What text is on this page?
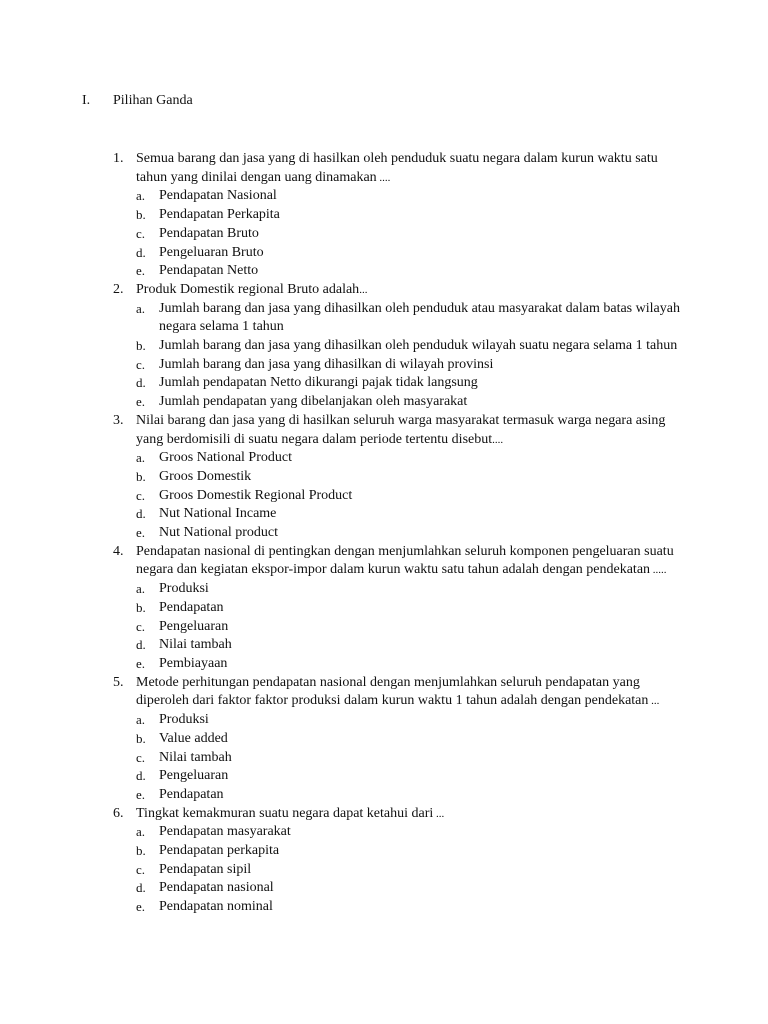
I. Pilihan Ganda
1. Semua barang dan jasa yang di hasilkan oleh penduduk suatu negara dalam kurun waktu satu tahun yang dinilai dengan uang dinamakan ....
a. Pendapatan Nasional
b. Pendapatan Perkapita
c. Pendapatan Bruto
d. Pengeluaran Bruto
e. Pendapatan Netto
2. Produk Domestik regional Bruto adalah...
a. Jumlah barang dan jasa yang dihasilkan oleh penduduk atau masyarakat dalam batas wilayah negara selama 1 tahun
b. Jumlah barang dan jasa yang dihasilkan oleh penduduk wilayah suatu negara selama 1 tahun
c. Jumlah barang dan jasa yang dihasilkan di wilayah provinsi
d. Jumlah pendapatan Netto dikurangi pajak tidak langsung
e. Jumlah pendapatan yang dibelanjakan oleh masyarakat
3. Nilai barang dan jasa yang di hasilkan seluruh warga masyarakat termasuk warga negara asing yang berdomisili di suatu negara dalam periode tertentu disebut....
a. Groos National Product
b. Groos Domestik
c. Groos Domestik Regional Product
d. Nut National Incame
e. Nut National product
4. Pendapatan nasional di pentingkan dengan menjumlahkan seluruh komponen pengeluaran suatu negara dan kegiatan ekspor-impor dalam kurun waktu satu tahun adalah dengan pendekatan .....
a. Produksi
b. Pendapatan
c. Pengeluaran
d. Nilai tambah
e. Pembiayaan
5. Metode perhitungan pendapatan nasional dengan menjumlahkan seluruh pendapatan yang diperoleh dari faktor faktor produksi dalam kurun waktu 1 tahun adalah dengan pendekatan ...
a. Produksi
b. Value added
c. Nilai tambah
d. Pengeluaran
e. Pendapatan
6. Tingkat kemakmuran suatu negara dapat ketahui dari ...
a. Pendapatan masyarakat
b. Pendapatan perkapita
c. Pendapatan sipil
d. Pendapatan nasional
e. Pendapatan nominal
